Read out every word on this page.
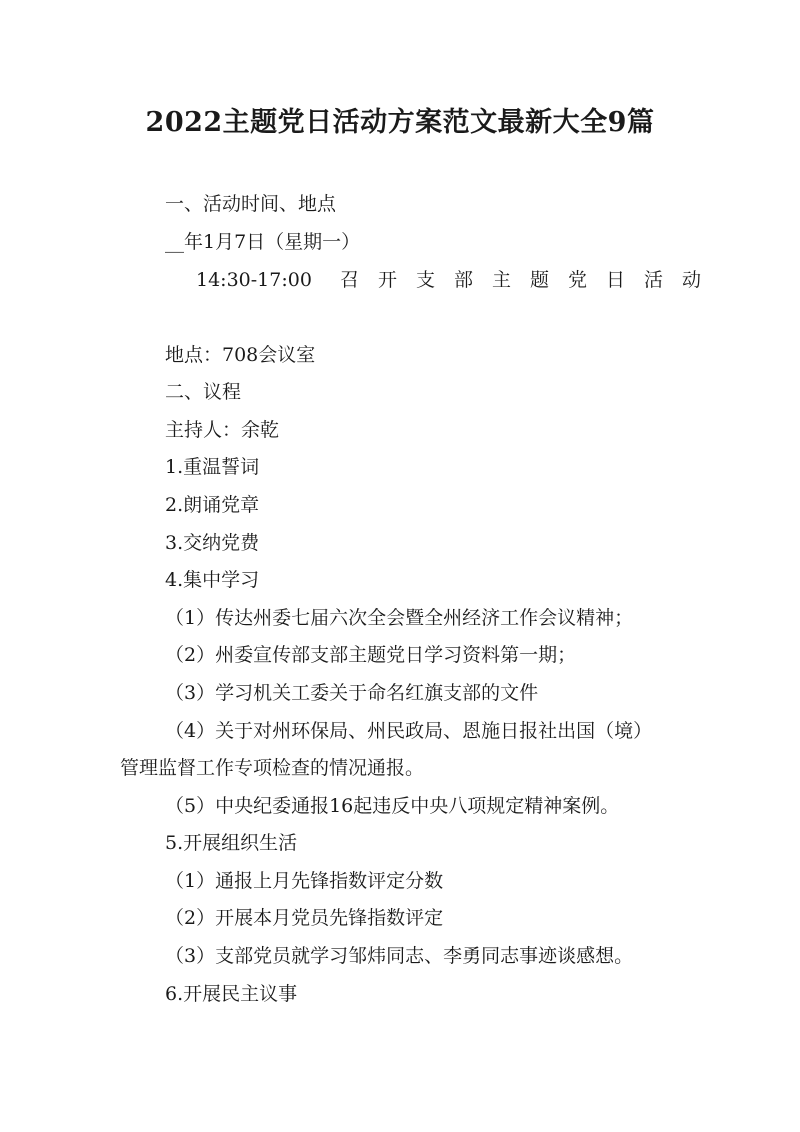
2022主题党日活动方案范文最新大全9篇
一、活动时间、地点
__年1月7日（星期一）
14:30-17:00 召开支部主题党日活动
地点：708会议室
二、议程
主持人：余乾
1.重温誓词
2.朗诵党章
3.交纳党费
4.集中学习
（1）传达州委七届六次全会暨全州经济工作会议精神；
（2）州委宣传部支部主题党日学习资料第一期；
（3）学习机关工委关于命名红旗支部的文件
（4）关于对州环保局、州民政局、恩施日报社出国（境）
管理监督工作专项检查的情况通报。
（5）中央纪委通报16起违反中央八项规定精神案例。
5.开展组织生活
（1）通报上月先锋指数评定分数
（2）开展本月党员先锋指数评定
（3）支部党员就学习邹炜同志、李勇同志事迹谈感想。
6.开展民主议事
